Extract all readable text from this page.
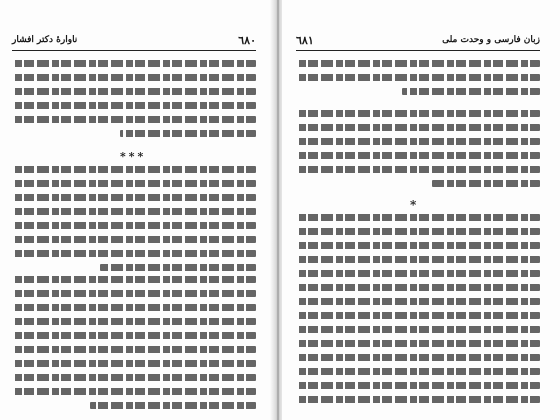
٦٨٠
ناوارهٔ دکتر افشار
***
زبان فارسی و وحدت ملی
٦٨١
*
